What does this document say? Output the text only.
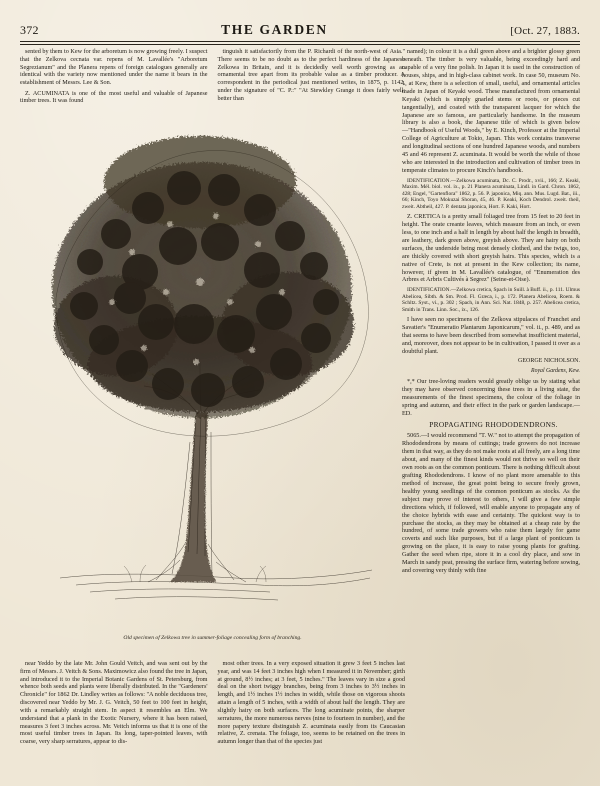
372	THE GARDEN	[Oct. 27, 1883.

sented by them to Kew for the arboretum is now growing freely. I suspect that the Zelkova cecnata var. repens of M. Lavallée's "Arboretum Segrezianum" and the Planera repens of foreign catalogues generally are identical with the variety now mentioned under the name it bears in the establishment of Messrs. Lee & Son.

Z. ACUMINATA is one of the most useful and valuable of Japanese timber trees. It was found

tinguish it satisfactorily from the P. Richardi of the north-west of Asia." There seems to be no doubt as to the perfect hardiness of the Japanese Zelkowa in Britain, and it is decidedly well worth growing as an ornamental tree apart from its probable value as a timber producer. A correspondent in the periodical just mentioned writes, in 1875, p. 1142, under the signature of "C. P.:" "At Stewkley Grange it does fairly well; better than

named); in colour it is a dull green above and a brighter glossy green beneath. The timber is very valuable, being exceedingly hard and capable of a very fine polish. In Japan it is used in the construction of houses, ships, and in high-class cabinet work. In case 50, museum No. 1, at Kew, there is a selection of small, useful, and ornamental articles made in Japan of Keyaki wood. These manufactured from ornamental Keyaki (which is simply gnarled stems or roots, or pieces cut tangentially), and coated with the transparent lacquer for which the Japanese are so famous, are particularly handsome. In the museum library is also a book, the Japanese title of which is given below—"Handbook of Useful Woods," by E. Kinch, Professor at the Imperial College of Agriculture at Tokio, Japan. This work contains transverse and longitudinal sections of one hundred Japanese woods, and numbers 45 and 46 represent Z. acuminata. It would be worth the while of those who are interested in the introduction and cultivation of timber trees in temperate climates to procure Kinch's handbook.

IDENTIFICATION.—Zelkowa acuminata, Dc. C. Prodr., xvii., 166; Z. Keaki, Maxim. Mél. biol. vol. ix., p. 21 Planera acuminata, Lindl. in Gard. Chron. 1862, 428; Engel, "Gartenflora" 1862, p. 56. P. japonica, Miq. ann. Mus. Lugd. Bat., iii., 66; Kinch, Toyo Mokuzai Shoran, 45, 46. P. Keaki, Koch Dendrol. zweit. theil, zweit. Abtheil, 427. P. dentata japonica, Hort. F. Kaki, Hort.

Z. CRETICA is a pretty small foliaged tree from 15 feet to 20 feet in height. The orate creante leaves, which measure from an inch, or even less, to one inch and a half in length by about half the length in breadth, are leathery, dark green above, greyish above. They are hairy on both surfaces, the underside being most densely clothed, and the twigs, too, are thickly covered with short greyish hairs. This species, which is a native of Crete, is not at present in the Kew collection; its name, however, if given in M. Lavallée's catalogue, of "Enumeration des Arbres et Arbris Cultivés à Segrez" (Seine-et-Oise).

IDENTIFICATION.—Zelkowa cretica, Spach in Suill. à Buff. ii., p. 111. Ulmus Abelicea, Sibth. & Sm. Prod. Fl. Græca, i., p. 172. Planera Abelicea, Roem. & Schltz. Syst., vi., p. 302 ; Spach, in Ann. Sci. Nat. 1848, p. 257. Abelicea cretica, Smith in Trans. Linn. Soc., ix., 126.

I have seen no specimens of the Zelkova stipulaces of Franchet and Savatier's "Enumeratio Plantarum Japonicarum," vol. ii., p. 489, and as that seems to have been described from somewhat insufficient material, and, moreover, does not appear to be in cultivation, I passed it over as a doubtful plant.

GEORGE NICHOLSON.

Royal Gardens, Kew.

*,* Our tree-loving readers would greatly oblige us by stating what they may have observed concerning these trees in a living state, the measurements of the finest specimens, the colour of the foliage in spring and autumn, and their effect in the park or garden landscape.—ED.

PROPAGATING RHODODENDRONS.

5065.—I would recommend "T. W." not to attempt the propagation of Rhododendrons by means of cuttings; trade growers do not increase them in that way, as they do not make roots at all freely, are a long time about, and many of the finest kinds would not thrive so well on their own roots as on the common ponticum. There is nothing difficult about grafting Rhododendrons. I know of no plant more amenable to this method of increase, the great point being to secure freely grown, healthy young seedlings of the common ponticum as stocks. As the subject may prove of interest to others, I will give a few simple directions which, if followed, will enable anyone to propagate any of the choice hybrids with ease and certainty. The quickest way is to purchase the stocks, as they may be obtained at a cheap rate by the hundred, of some trade growers who raise them largely for game coverts and such like purposes, but if a large plant of ponticum is growing on the place, it is easy to raise young plants for grafting. Gather the seed when ripe, store it in a cool dry place, and sow in March in sandy peat, pressing the surface firm, watering before sowing, and covering very thinly with fine

Old specimen of Zelkowa tree in summer-foliage concealing form of branching.

near Yeddo by the late Mr. John Gould Veitch, and was sent out by the firm of Messrs. J. Veitch & Sons. Maximowicz also found the tree in Japan, and introduced it to the Imperial Botanic Gardens of St. Petersburg, from whence both seeds and plants were liberally distributed. In the "Gardeners' Chronicle" for 1862 Dr. Lindley writes as follows: "A noble deciduous tree, discovered near Yeddo by Mr. J. G. Veitch, 50 feet to 100 feet in height, with a remarkably straight stem. In aspect it resembles an Elm. We understand that a plank in the Exotic Nursery, where it has been raised, measures 3 feet 3 inches across. Mr. Veitch informs us that it is one of the most useful timber trees in Japan. Its long, taper-pointed leaves, with coarse, very sharp serratures, appear to dis-

most other trees. In a very exposed situation it grew 3 feet 5 inches last year, and was 14 feet 3 inches high when I measured it in November; girth at ground, 8½ inches; at 3 feet, 5 inches." The leaves vary in size a good deal on the short twiggy branches, being from 3 inches to 3½ inches in length, and 1½ inches 1½ inches in width, while those on vigorous shoots attain a length of 5 inches, with a width of about half the length. They are slightly hairy on both surfaces. The long acuminate points, the sharper serratures, the more numerous nerves (nine to fourteen in number), and the more papery texture distinguish Z. acuminata easily from its Caucasian relative, Z. crenata. The foliage, too, seems to be retained on the trees in autumn longer than that of the species just
